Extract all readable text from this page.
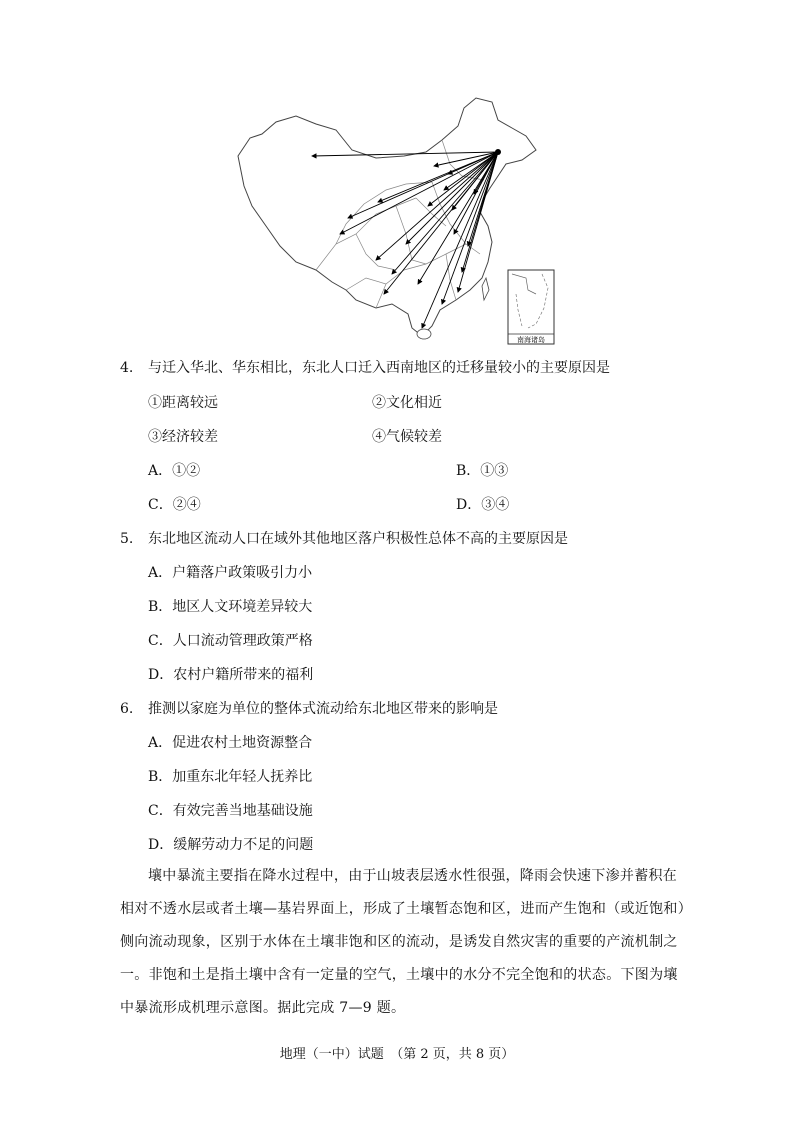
南海诸岛
4. 与迁入华北、华东相比，东北人口迁入西南地区的迁移量较小的主要原因是
①距离较远	②文化相近
③经济较差	④气候较差
A．①②	B．①③
C．②④	D．③④
5. 东北地区流动人口在域外其他地区落户积极性总体不高的主要原因是
A．户籍落户政策吸引力小
B．地区人文环境差异较大
C．人口流动管理政策严格
D．农村户籍所带来的福利
6. 推测以家庭为单位的整体式流动给东北地区带来的影响是
A．促进农村土地资源整合
B．加重东北年轻人抚养比
C．有效完善当地基础设施
D．缓解劳动力不足的问题
壤中暴流主要指在降水过程中，由于山坡表层透水性很强，降雨会快速下渗并蓄积在相对不透水层或者土壤—基岩界面上，形成了土壤暂态饱和区，进而产生饱和（或近饱和）侧向流动现象，区别于水体在土壤非饱和区的流动，是诱发自然灾害的重要的产流机制之一。非饱和土是指土壤中含有一定量的空气，土壤中的水分不完全饱和的状态。下图为壤中暴流形成机理示意图。据此完成 7—9 题。
地理（一中）试题　（第 2 页，共 8 页）
